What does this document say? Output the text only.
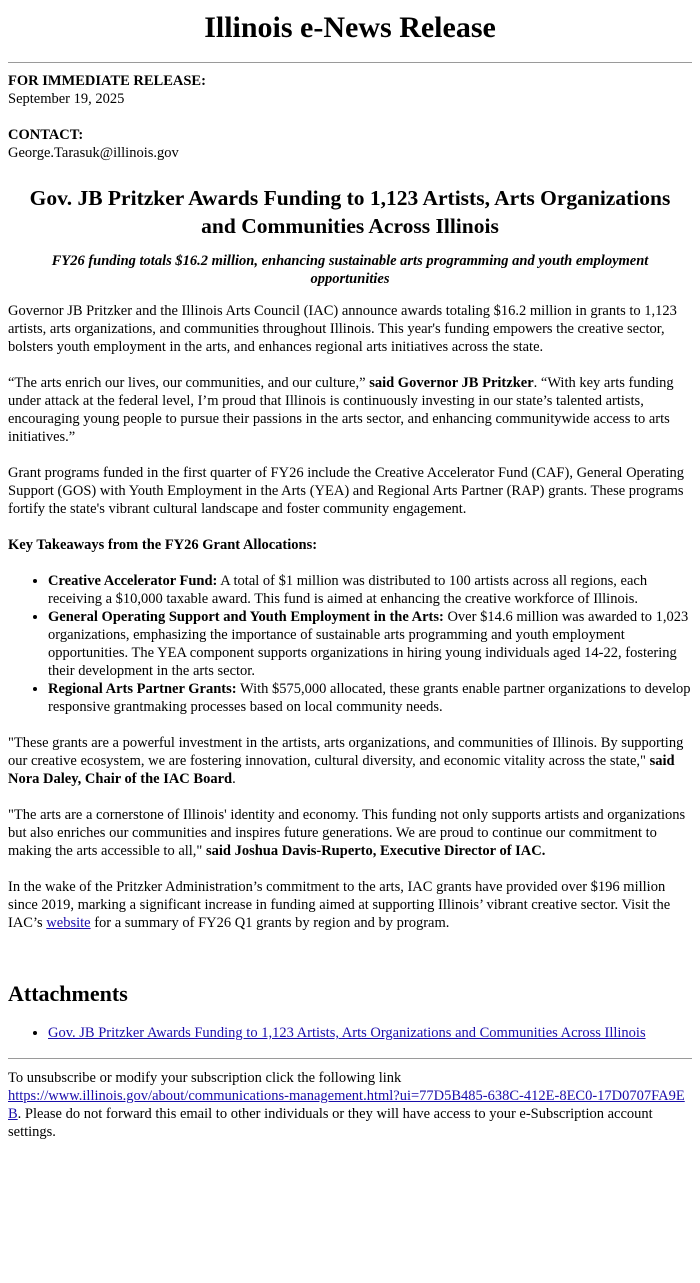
Illinois e-News Release

FOR IMMEDIATE RELEASE:
September 19, 2025

CONTACT:
George.Tarasuk@illinois.gov

Gov. JB Pritzker Awards Funding to 1,123 Artists, Arts Organizations and Communities Across Illinois
FY26 funding totals $16.2 million, enhancing sustainable arts programming and youth employment opportunities

Governor JB Pritzker and the Illinois Arts Council (IAC) announce awards totaling $16.2 million in grants to 1,123 artists, arts organizations, and communities throughout Illinois. This year's funding empowers the creative sector, bolsters youth employment in the arts, and enhances regional arts initiatives across the state.

“The arts enrich our lives, our communities, and our culture,” said Governor JB Pritzker. “With key arts funding under attack at the federal level, I’m proud that Illinois is continuously investing in our state’s talented artists, encouraging young people to pursue their passions in the arts sector, and enhancing communitywide access to arts initiatives.”

Grant programs funded in the first quarter of FY26 include the Creative Accelerator Fund (CAF), General Operating Support (GOS) with Youth Employment in the Arts (YEA) and Regional Arts Partner (RAP) grants. These programs fortify the state's vibrant cultural landscape and foster community engagement.

Key Takeaways from the FY26 Grant Allocations:

• Creative Accelerator Fund: A total of $1 million was distributed to 100 artists across all regions, each receiving a $10,000 taxable award. This fund is aimed at enhancing the creative workforce of Illinois.
• General Operating Support and Youth Employment in the Arts: Over $14.6 million was awarded to 1,023 organizations, emphasizing the importance of sustainable arts programming and youth employment opportunities. The YEA component supports organizations in hiring young individuals aged 14-22, fostering their development in the arts sector.
• Regional Arts Partner Grants: With $575,000 allocated, these grants enable partner organizations to develop responsive grantmaking processes based on local community needs.

"These grants are a powerful investment in the artists, arts organizations, and communities of Illinois. By supporting our creative ecosystem, we are fostering innovation, cultural diversity, and economic vitality across the state," said Nora Daley, Chair of the IAC Board.

"The arts are a cornerstone of Illinois' identity and economy. This funding not only supports artists and organizations but also enriches our communities and inspires future generations. We are proud to continue our commitment to making the arts accessible to all," said Joshua Davis-Ruperto, Executive Director of IAC.

In the wake of the Pritzker Administration’s commitment to the arts, IAC grants have provided over $196 million since 2019, marking a significant increase in funding aimed at supporting Illinois’ vibrant creative sector. Visit the IAC’s website for a summary of FY26 Q1 grants by region and by program.

Attachments
• Gov. JB Pritzker Awards Funding to 1,123 Artists, Arts Organizations and Communities Across Illinois
To unsubscribe or modify your subscription click the following link
https://www.illinois.gov/about/communications-management.html?ui=77D5B485-638C-412E-8EC0-17D0707FA9EB. Please do not forward this email to other individuals or they will have access to your e-Subscription account settings.
